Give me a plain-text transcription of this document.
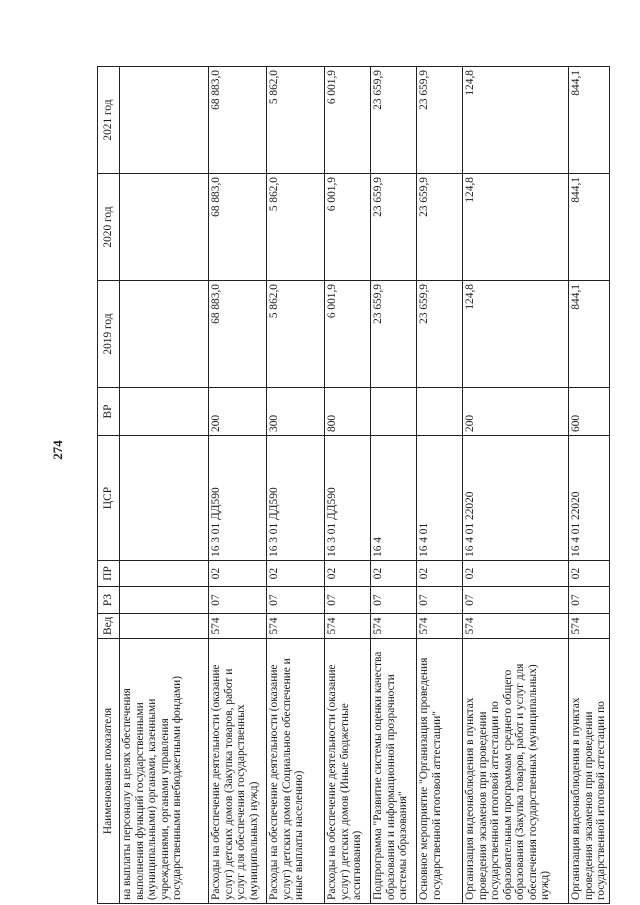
274
Наименование показателя	Вед	РЗ	ПР	ЦСР	ВР	2019 год	2020 год	2021 год
на выплаты персоналу в целях обеспечения выполнения функций государственными (муниципальными) органами, казенными учреждениями, органами управления государственными внебюджетными фондами)								
Расходы на обеспечение деятельности (оказание услуг) детских домов (Закупка товаров, работ и услуг для обеспечения государственных (муниципальных) нужд)	574	07	02	16 3 01 ДД590	200	68 883,0	68 883,0	68 883,0
Расходы на обеспечение деятельности (оказание услуг) детских домов (Социальное обеспечение и иные выплаты населению)	574	07	02	16 3 01 ДД590	300	5 862,0	5 862,0	5 862,0
Расходы на обеспечение деятельности (оказание услуг) детских домов (Иные бюджетные ассигнования)	574	07	02	16 3 01 ДД590	800	6 001,9	6 001,9	6 001,9
Подпрограмма "Развитие системы оценки качества образования и информационной прозрачности системы образования"	574	07	02	16 4		23 659,9	23 659,9	23 659,9
Основное мероприятие "Организация проведения государственной итоговой аттестации"	574	07	02	16 4 01		23 659,9	23 659,9	23 659,9
Организация видеонаблюдения в пунктах проведения экзаменов при проведении государственной итоговой аттестации по образовательным программам среднего общего образования (Закупка товаров, работ и услуг для обеспечения государственных (муниципальных) нужд)	574	07	02	16 4 01 22020	200	124,8	124,8	124,8
Организация видеонаблюдения в пунктах проведения экзаменов при проведении государственной итоговой аттестации по	574	07	02	16 4 01 22020	600	844,1	844,1	844,1
